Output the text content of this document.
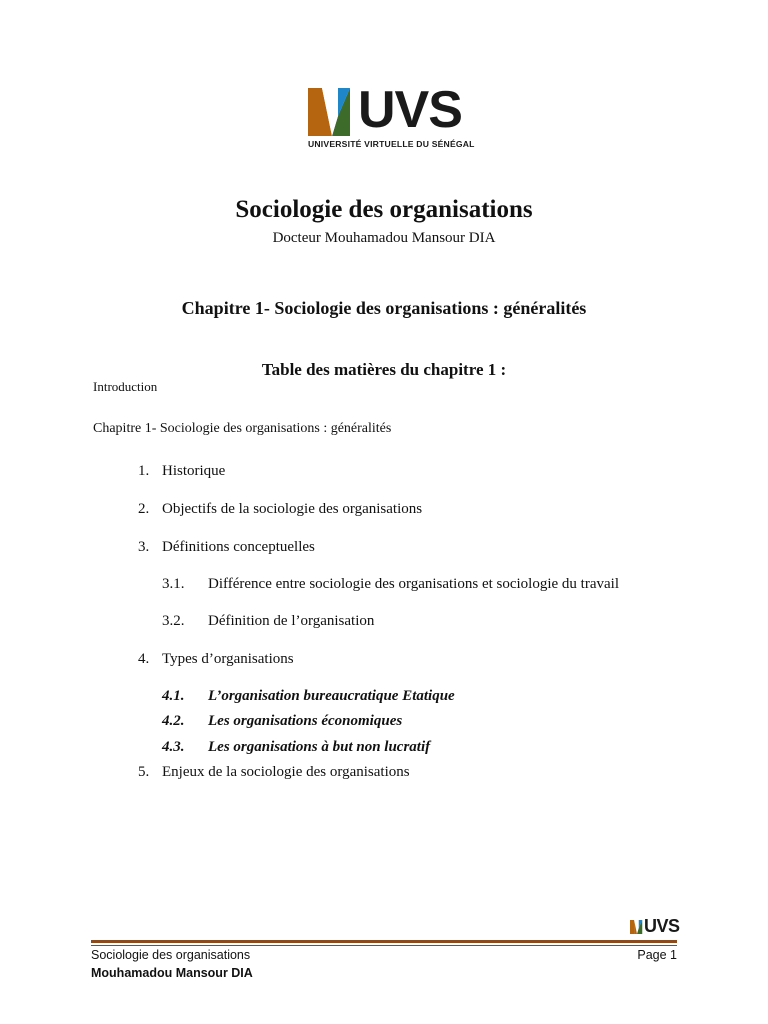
UVS
UNIVERSITÉ VIRTUELLE DU SÉNÉGAL
Sociologie des organisations
Docteur Mouhamadou Mansour DIA
Chapitre 1- Sociologie des organisations : généralités
Table des matières du chapitre 1 :
Introduction
Chapitre 1- Sociologie des organisations : généralités
1. Historique
2. Objectifs de la sociologie des organisations
3. Définitions conceptuelles
3.1. Différence entre sociologie des organisations et sociologie du travail
3.2. Définition de l’organisation
4. Types d’organisations
4.1. L’organisation bureaucratique Etatique
4.2. Les organisations économiques
4.3. Les organisations à but non lucratif
5. Enjeux de la sociologie des organisations
UVS
Sociologie des organisations
Mouhamadou Mansour DIA
Page 1
